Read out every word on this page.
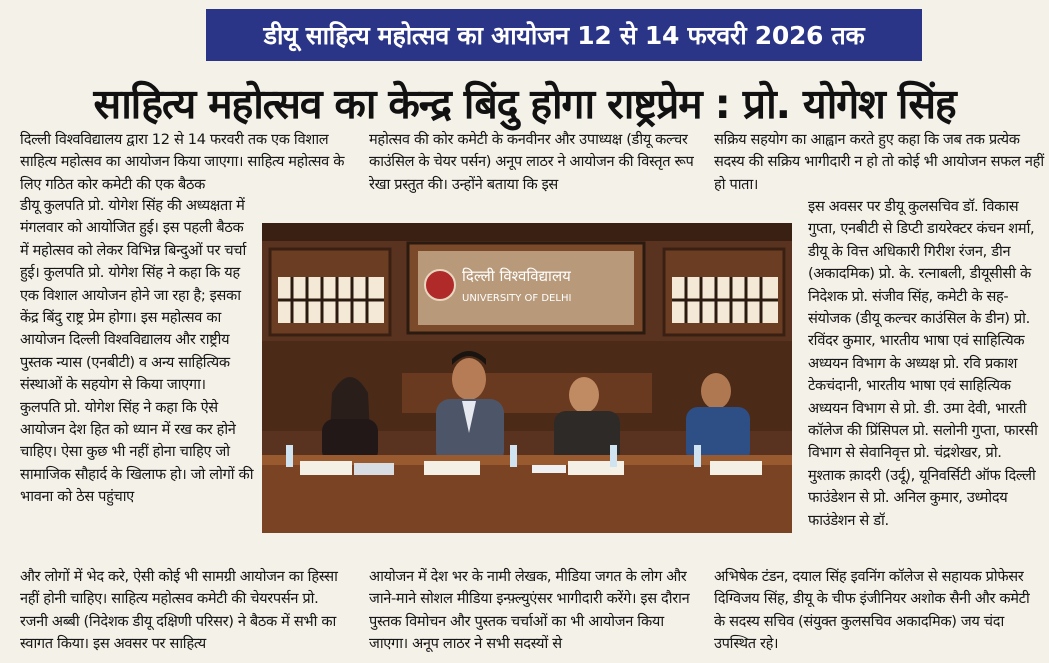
डीयू साहित्य महोत्सव का आयोजन 12 से 14 फरवरी 2026 तक
साहित्य महोत्सव का केन्द्र बिंदु होगा राष्ट्रप्रेम : प्रो. योगेश सिंह

दिल्ली विश्वविद्यालय द्वारा 12 से 14 फरवरी तक एक विशाल साहित्य महोत्सव का आयोजन किया जाएगा। साहित्य महोत्सव के लिए गठित कोर कमेटी की एक बैठक

डीयू कुलपति प्रो. योगेश सिंह की अध्यक्षता में मंगलवार को आयोजित हुई। इस पहली बैठक में महोत्सव को लेकर विभिन्न बिन्दुओं पर चर्चा हुई। कुलपति प्रो. योगेश सिंह ने कहा कि यह एक विशाल आयोजन होने जा रहा है; इसका केंद्र बिंदु राष्ट्र प्रेम होगा। इस महोत्सव का आयोजन दिल्ली विश्वविद्यालय और राष्ट्रीय पुस्तक न्यास (एनबीटी) व अन्य साहित्यिक संस्थाओं के सहयोग से किया जाएगा।

कुलपति प्रो. योगेश सिंह ने कहा कि ऐसे आयोजन देश हित को ध्यान में रख कर होने चाहिए। ऐसा कुछ भी नहीं होना चाहिए जो सामाजिक सौहार्द के खिलाफ हो। जो लोगों की भावना को ठेस पहुंचाए

और लोगों में भेद करे, ऐसी कोई भी सामग्री आयोजन का हिस्सा नहीं होनी चाहिए। साहित्य महोत्सव कमेटी की चेयरपर्सन प्रो. रजनी अब्बी (निदेशक डीयू दक्षिणी परिसर) ने बैठक में सभी का स्वागत किया। इस अवसर पर साहित्य

महोत्सव की कोर कमेटी के कनवीनर और उपाध्यक्ष (डीयू कल्चर काउंसिल के चेयर पर्सन) अनूप लाठर ने आयोजन की विस्तृत रूप रेखा प्रस्तुत की। उन्होंने बताया कि इस

आयोजन में देश भर के नामी लेखक, मीडिया जगत के लोग और जाने-माने सोशल मीडिया इन्फ़्ल्युएंसर भागीदारी करेंगे। इस दौरान पुस्तक विमोचन और पुस्तक चर्चाओं का भी आयोजन किया जाएगा। अनूप लाठर ने सभी सदस्यों से

सक्रिय सहयोग का आह्वान करते हुए कहा कि जब तक प्रत्येक सदस्य की सक्रिय भागीदारी न हो तो कोई भी आयोजन सफल नहीं हो पाता।

इस अवसर पर डीयू कुलसचिव डॉ. विकास गुप्ता, एनबीटी से डिप्टी डायरेक्टर कंचन शर्मा, डीयू के वित्त अधिकारी गिरीश रंजन, डीन (अकादमिक) प्रो. के. रत्नाबली, डीयूसीसी के निदेशक प्रो. संजीव सिंह, कमेटी के सह-संयोजक (डीयू कल्चर काउंसिल के डीन) प्रो. रविंदर कुमार, भारतीय भाषा एवं साहित्यिक अध्ययन विभाग के अध्यक्ष प्रो. रवि प्रकाश टेकचंदानी, भारतीय भाषा एवं साहित्यिक अध्ययन विभाग से प्रो. डी. उमा देवी, भारती कॉलेज की प्रिंसिपल प्रो. सलोनी गुप्ता, फारसी विभाग से सेवानिवृत्त प्रो. चंद्रशेखर, प्रो. मुश्ताक क़ादरी (उर्दू), यूनिवर्सिटी ऑफ दिल्ली फाउंडेशन से प्रो. अनिल कुमार, उध्मोदय फाउंडेशन से डॉ.

अभिषेक टंडन, दयाल सिंह इवनिंग कॉलेज से सहायक प्रोफेसर दिग्विजय सिंह, डीयू के चीफ इंजीनियर अशोक सैनी और कमेटी के सदस्य सचिव (संयुक्त कुलसचिव अकादमिक) जय चंदा उपस्थित रहे।

दिल्ली विश्वविद्यालय
UNIVERSITY OF DELHI
